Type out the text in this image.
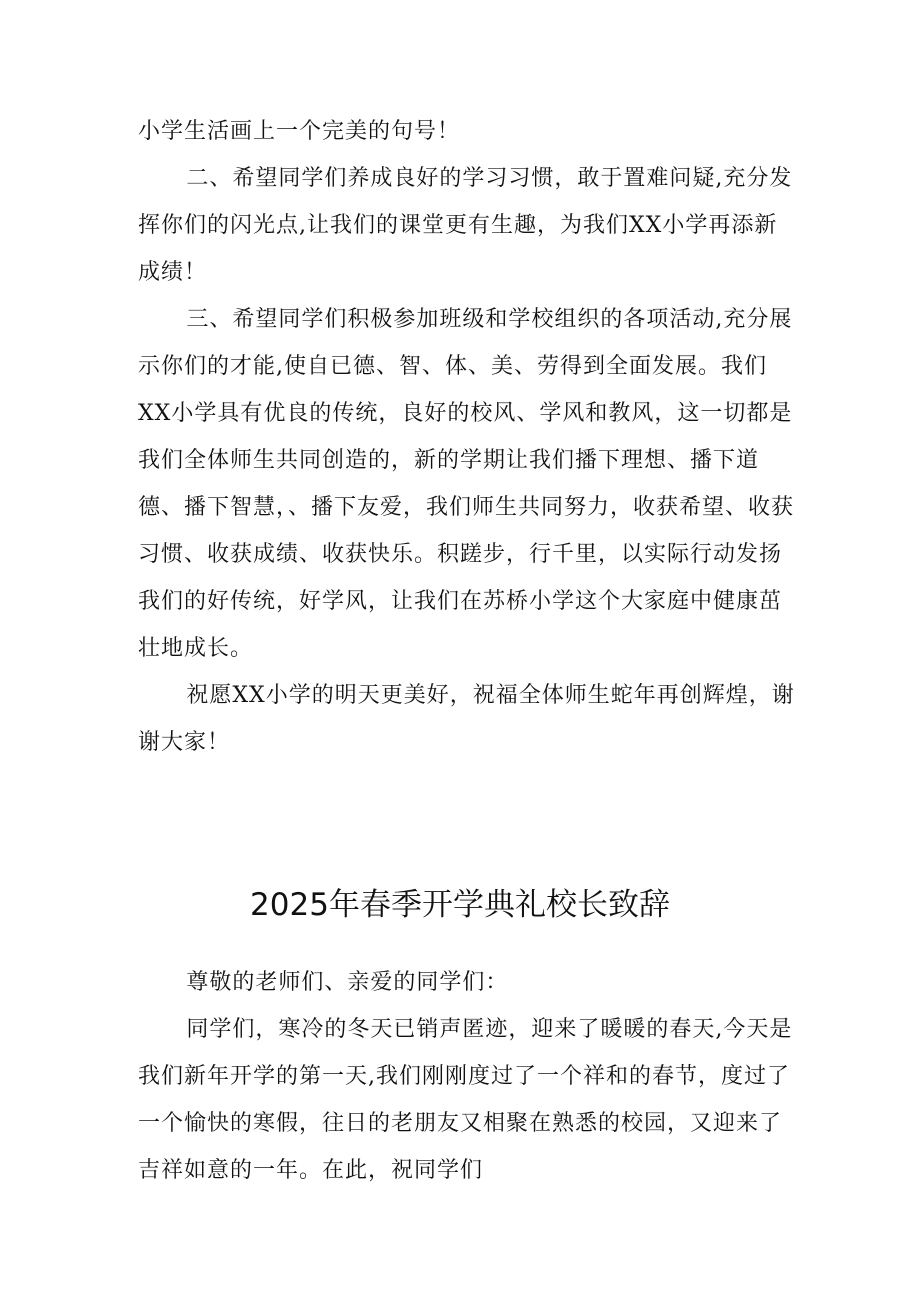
小学生活画上一个完美的句号！

二、希望同学们养成良好的学习习惯，敢于置难问疑,充分发挥你们的闪光点,让我们的课堂更有生趣，为我们XX小学再添新成绩！

三、希望同学们积极参加班级和学校组织的各项活动,充分展示你们的才能,使自已德、智、体、美、劳得到全面发展。我们XX小学具有优良的传统，良好的校风、学风和教风，这一切都是我们全体师生共同创造的，新的学期让我们播下理想、播下道德、播下智慧，、播下友爱，我们师生共同努力，收获希望、收获习惯、收获成绩、收获快乐。积蹉步，行千里，以实际行动发扬我们的好传统，好学风，让我们在苏桥小学这个大家庭中健康茁壮地成长。

祝愿XX小学的明天更美好，祝福全体师生蛇年再创辉煌，谢谢大家！

2025年春季开学典礼校长致辞

尊敬的老师们、亲爱的同学们：

同学们，寒冷的冬天已销声匿迹，迎来了暖暖的春天,今天是我们新年开学的第一天,我们刚刚度过了一个祥和的春节，度过了一个愉快的寒假，往日的老朋友又相聚在熟悉的校园，又迎来了吉祥如意的一年。在此，祝同学们
